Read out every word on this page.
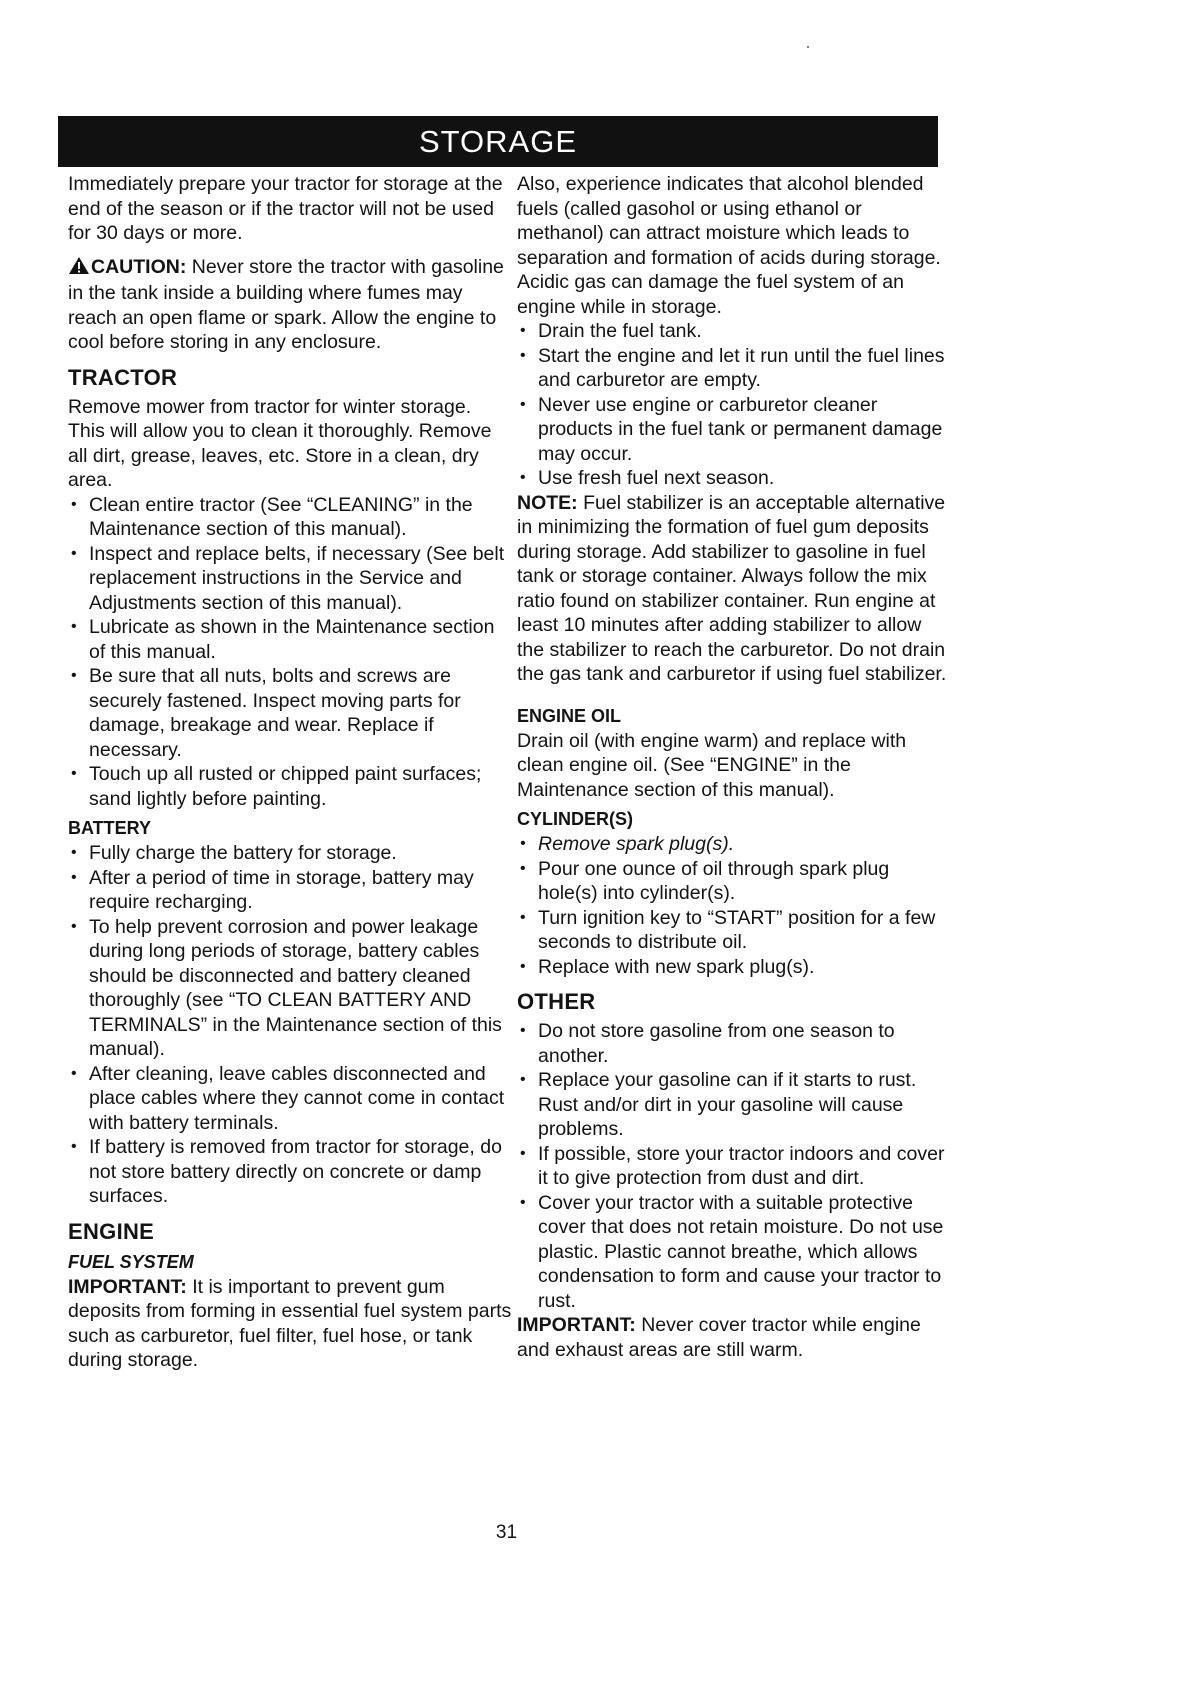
STORAGE

Immediately prepare your tractor for storage at the end of the season or if the tractor will not be used for 30 days or more.

CAUTION: Never store the tractor with gasoline in the tank inside a building where fumes may reach an open flame or spark. Allow the engine to cool before storing in any enclosure.

TRACTOR

Remove mower from tractor for winter storage. This will allow you to clean it thoroughly. Remove all dirt, grease, leaves, etc. Store in a clean, dry area.

• Clean entire tractor (See “CLEANING” in the Maintenance section of this manual).
• Inspect and replace belts, if necessary (See belt replacement instructions in the Service and Adjustments section of this manual).
• Lubricate as shown in the Maintenance section of this manual.
• Be sure that all nuts, bolts and screws are securely fastened. Inspect moving parts for damage, breakage and wear. Replace if necessary.
• Touch up all rusted or chipped paint surfaces; sand lightly before painting.
BATTERY
• Fully charge the battery for storage.
• After a period of time in storage, battery may require recharging.
• To help prevent corrosion and power leakage during long periods of storage, battery cables should be disconnected and battery cleaned thoroughly (see “TO CLEAN BATTERY AND TERMINALS” in the Maintenance section of this manual).
• After cleaning, leave cables disconnected and place cables where they cannot come in contact with battery terminals.
• If battery is removed from tractor for storage, do not store battery directly on concrete or damp surfaces.
ENGINE
FUEL SYSTEM

IMPORTANT: It is important to prevent gum deposits from forming in essential fuel system parts such as carburetor, fuel filter, fuel hose, or tank during storage.

Also, experience indicates that alcohol blended fuels (called gasohol or using ethanol or methanol) can attract moisture which leads to separation and formation of acids during storage. Acidic gas can damage the fuel system of an engine while in storage.

• Drain the fuel tank.
• Start the engine and let it run until the fuel lines and carburetor are empty.
• Never use engine or carburetor cleaner products in the fuel tank or permanent damage may occur.
• Use fresh fuel next season.

NOTE: Fuel stabilizer is an acceptable alternative in minimizing the formation of fuel gum deposits during storage. Add stabilizer to gasoline in fuel tank or storage container. Always follow the mix ratio found on stabilizer container. Run engine at least 10 minutes after adding stabilizer to allow the stabilizer to reach the carburetor. Do not drain the gas tank and carburetor if using fuel stabilizer.

ENGINE OIL

Drain oil (with engine warm) and replace with clean engine oil. (See “ENGINE” in the Maintenance section of this manual).

CYLINDER(S)
• Remove spark plug(s).
• Pour one ounce of oil through spark plug hole(s) into cylinder(s).
• Turn ignition key to “START” position for a few seconds to distribute oil.
• Replace with new spark plug(s).
OTHER
• Do not store gasoline from one season to another.
• Replace your gasoline can if it starts to rust. Rust and/or dirt in your gasoline will cause problems.
• If possible, store your tractor indoors and cover it to give protection from dust and dirt.
• Cover your tractor with a suitable protective cover that does not retain moisture. Do not use plastic. Plastic cannot breathe, which allows condensation to form and cause your tractor to rust.

IMPORTANT: Never cover tractor while engine and exhaust areas are still warm.

31
